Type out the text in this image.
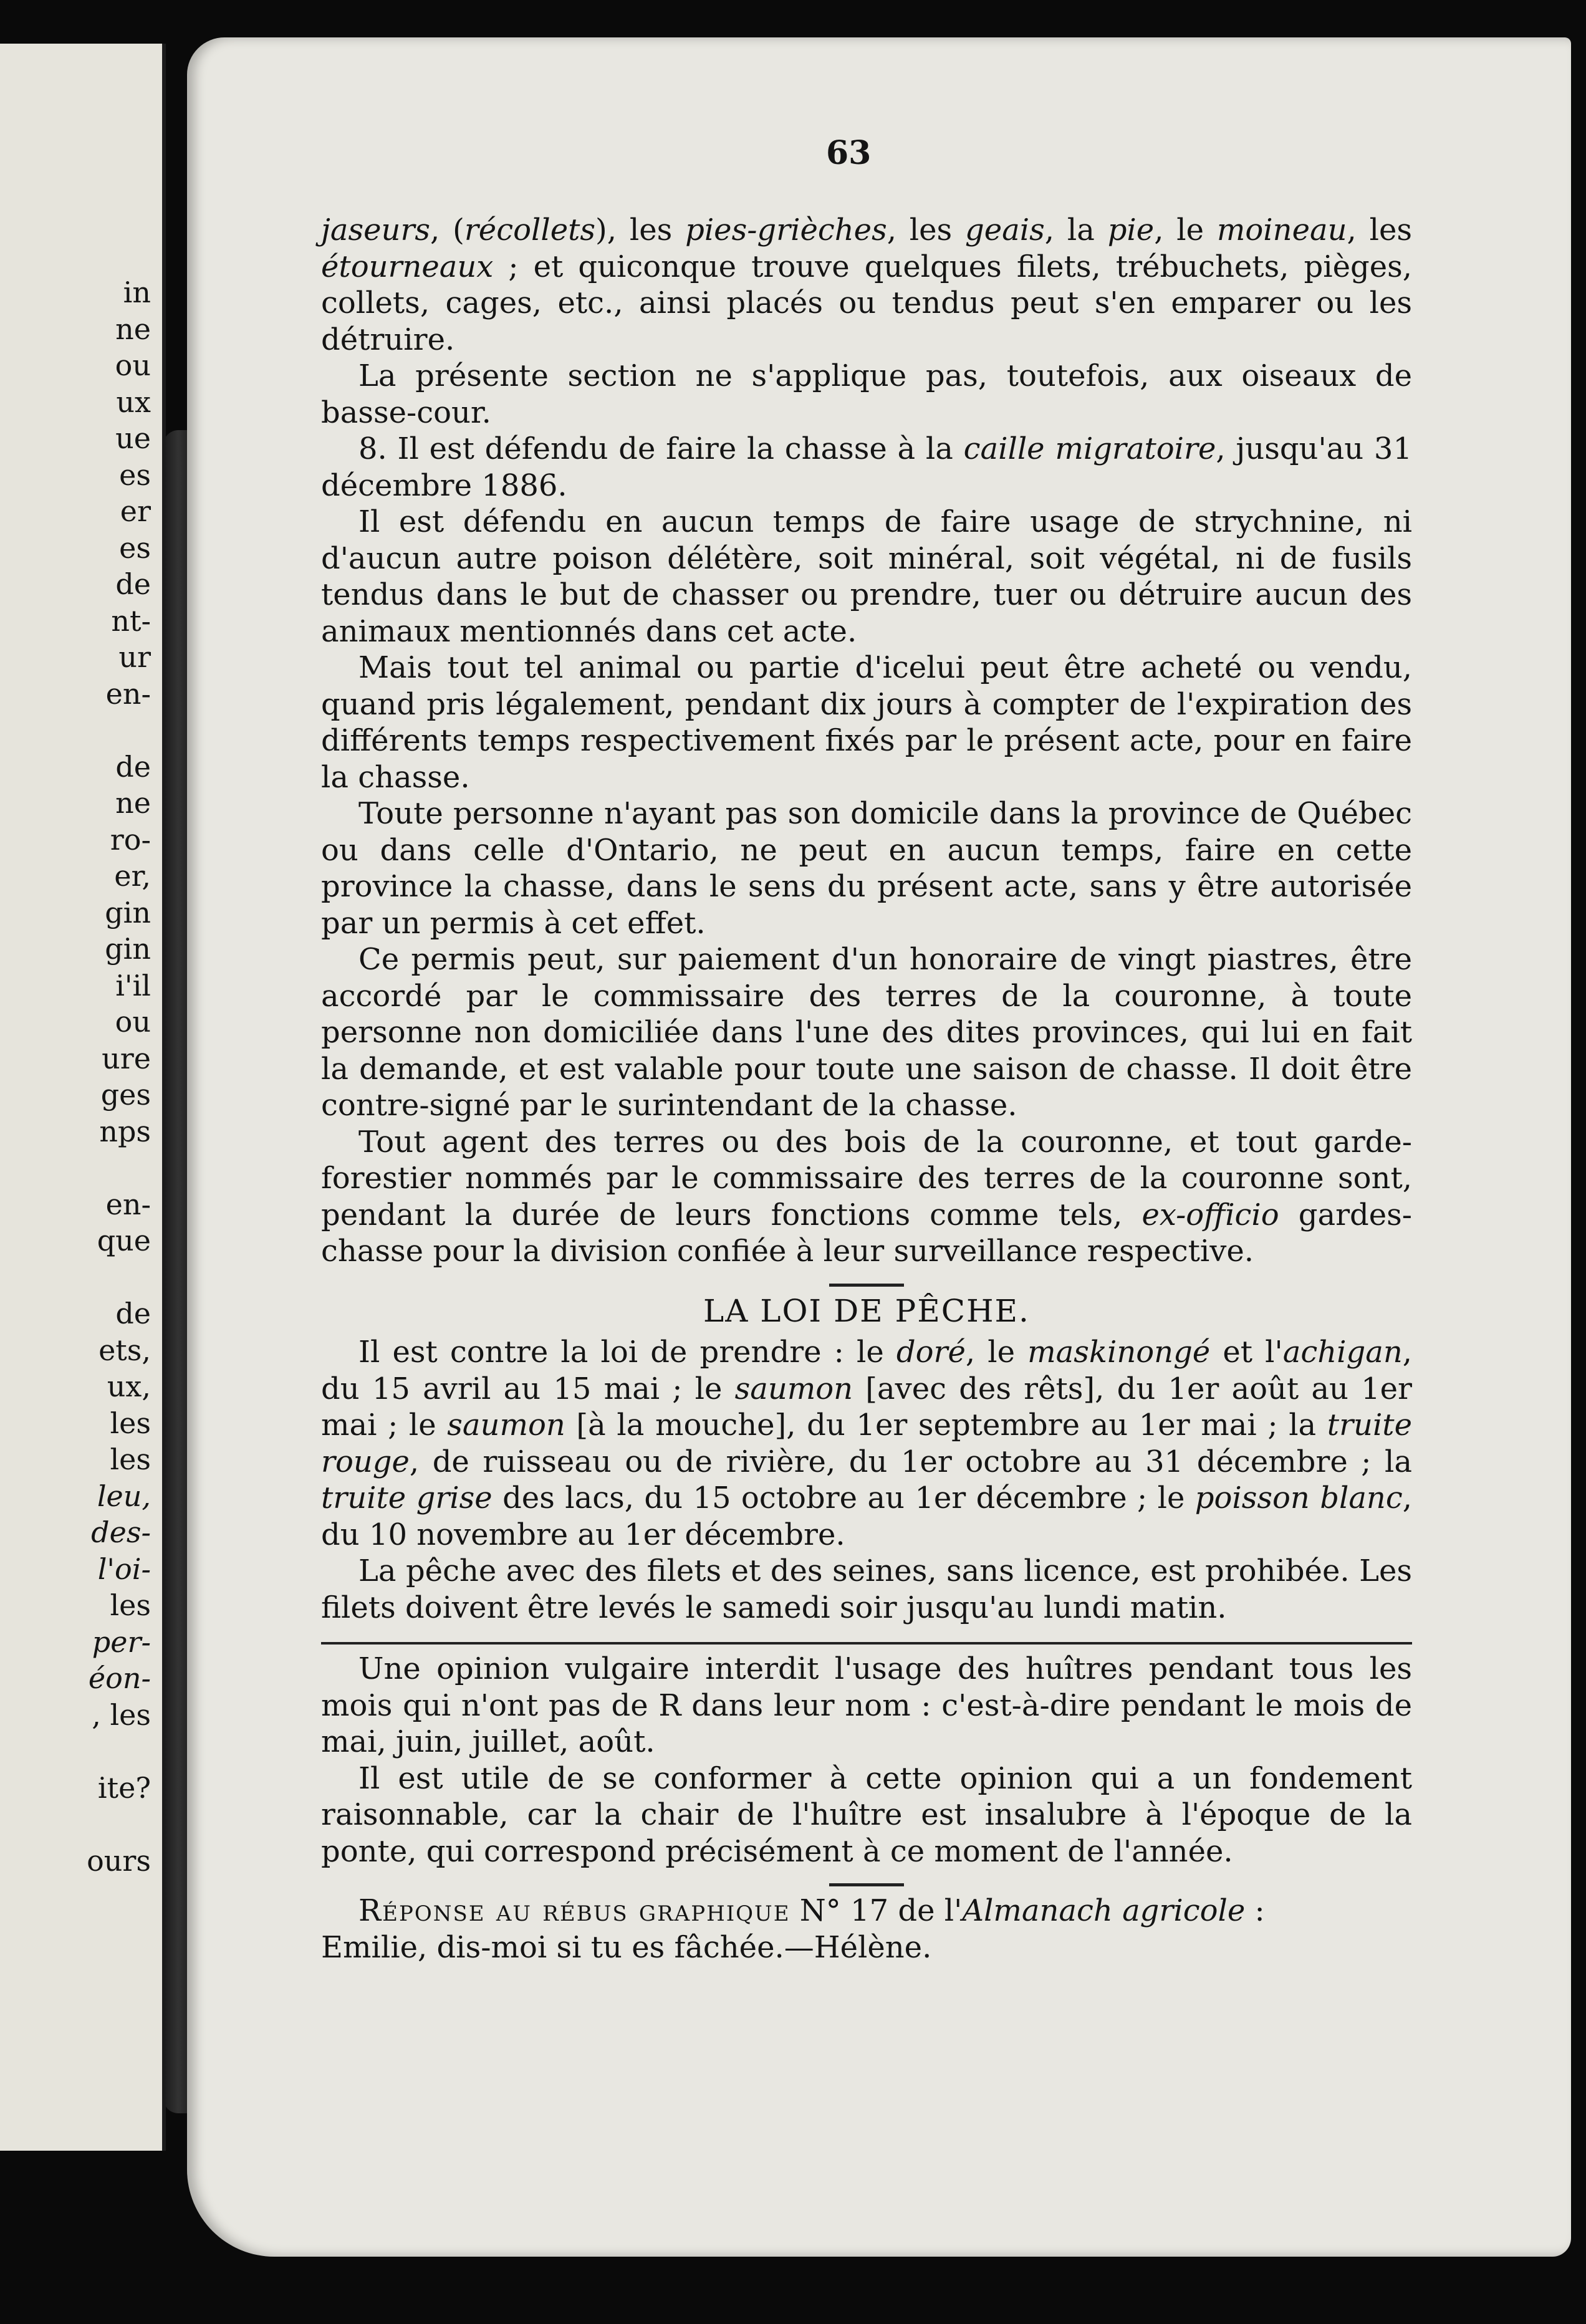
in
ne
ou
ux
ue
es
er
es
de
nt-
ur
en-

de
ne
ro-
er,
gin
gin
i'il
ou
ure
ges
nps

en-
que

de
ets,
ux,
les
les
leu,
des-
l'oi-
les
per-
éon-
, les

ite?

ours
63

jaseurs, (récollets), les pies-grièches, les geais, la pie, le moineau, les étourneaux ; et quiconque trouve quelques filets, trébuchets, pièges, collets, cages, etc., ainsi placés ou tendus peut s'en emparer ou les détruire.

La présente section ne s'applique pas, toutefois, aux oiseaux de basse-cour.

8. Il est défendu de faire la chasse à la caille migratoire, jusqu'au 31 décembre 1886.

Il est défendu en aucun temps de faire usage de strychnine, ni d'aucun autre poison délétère, soit minéral, soit végétal, ni de fusils tendus dans le but de chasser ou prendre, tuer ou détruire aucun des animaux mentionnés dans cet acte.

Mais tout tel animal ou partie d'icelui peut être acheté ou vendu, quand pris légalement, pendant dix jours à compter de l'expiration des différents temps respectivement fixés par le présent acte, pour en faire la chasse.

Toute personne n'ayant pas son domicile dans la province de Québec ou dans celle d'Ontario, ne peut en aucun temps, faire en cette province la chasse, dans le sens du présent acte, sans y être autorisée par un permis à cet effet.

Ce permis peut, sur paiement d'un honoraire de vingt piastres, être accordé par le commissaire des terres de la couronne, à toute personne non domiciliée dans l'une des dites provinces, qui lui en fait la demande, et est valable pour toute une saison de chasse. Il doit être contre-signé par le surintendant de la chasse.

Tout agent des terres ou des bois de la couronne, et tout garde-forestier nommés par le commissaire des terres de la couronne sont, pendant la durée de leurs fonctions comme tels, ex-officio gardes-chasse pour la division confiée à leur surveillance respective.

LA LOI DE PÊCHE.

Il est contre la loi de prendre : le doré, le maskinongé et l'achigan, du 15 avril au 15 mai ; le saumon [avec des rêts], du 1er août au 1er mai ; le saumon [à la mouche], du 1er septembre au 1er mai ; la truite rouge, de ruisseau ou de rivière, du 1er octobre au 31 décembre ; la truite grise des lacs, du 15 octobre au 1er décembre ; le poisson blanc, du 10 novembre au 1er décembre.

La pêche avec des filets et des seines, sans licence, est prohibée. Les filets doivent être levés le samedi soir jusqu'au lundi matin.

Une opinion vulgaire interdit l'usage des huîtres pendant tous les mois qui n'ont pas de R dans leur nom : c'est-à-dire pendant le mois de mai, juin, juillet, août.

Il est utile de se conformer à cette opinion qui a un fondement raisonnable, car la chair de l'huître est insalubre à l'époque de la ponte, qui correspond précisément à ce moment de l'année.

Réponse au rébus graphique N° 17 de l'Almanach agricole :

Emilie, dis-moi si tu es fâchée.—Hélène.
